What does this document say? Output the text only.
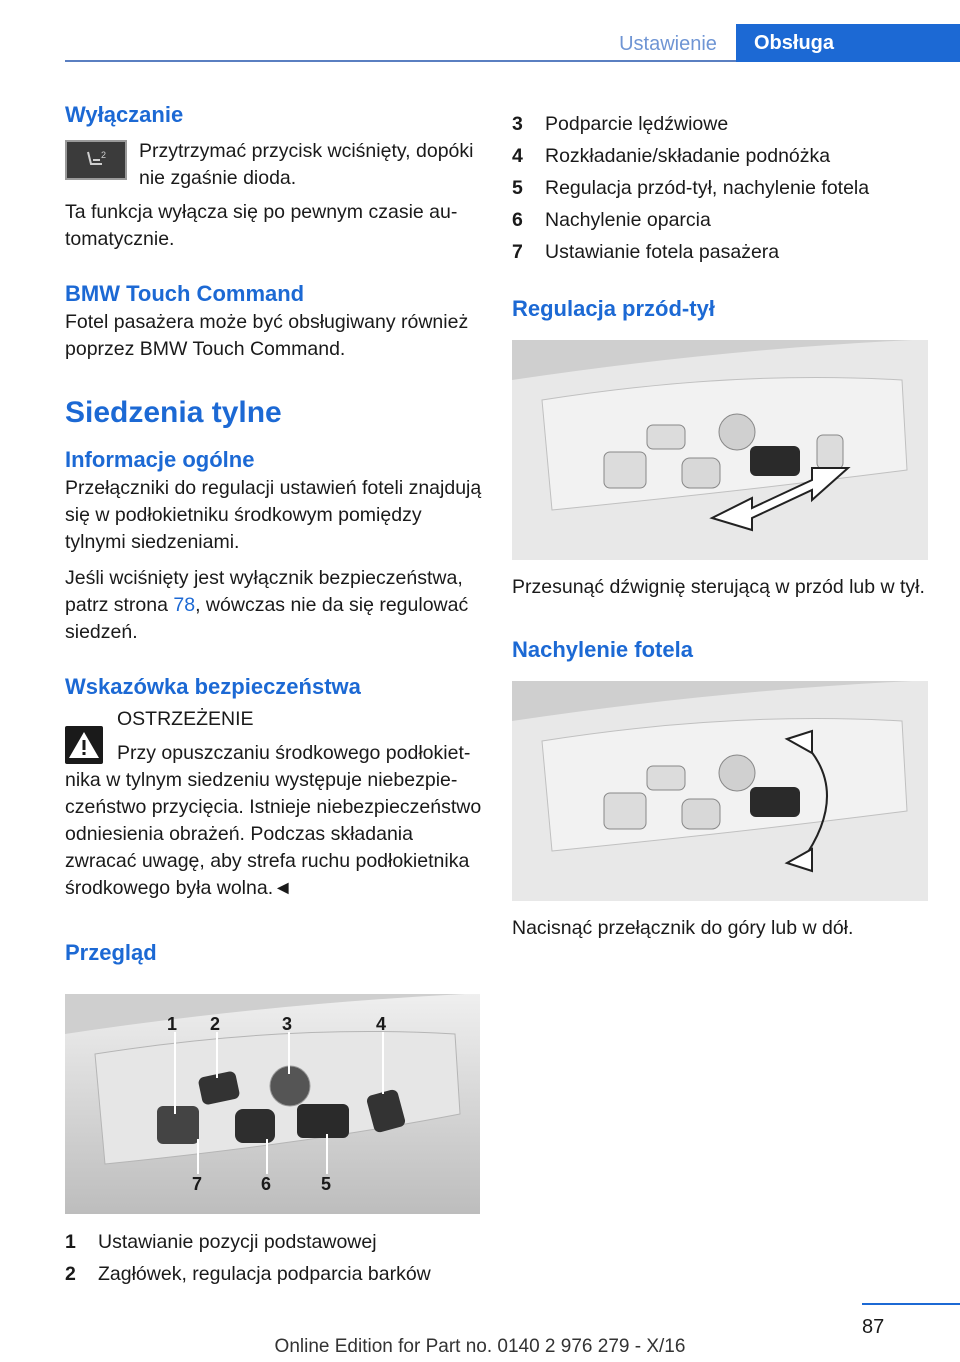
Ustawienie	Obsługa
Wyłączanie
2 Przytrzymać przycisk wciśnięty, dopóki nie zgaśnie dioda.

Ta funkcja wyłącza się po pewnym czasie automatycznie.

BMW Touch Command

Fotel pasażera może być obsługiwany również poprzez BMW Touch Command.

Siedzenia tylne
Informacje ogólne

Przełączniki do regulacji ustawień foteli znajdują się w podłokietniku środkowym pomiędzy tylnymi siedzeniami.

Jeśli wciśnięty jest wyłącznik bezpieczeństwa, patrz strona 78, wówczas nie da się regulować siedzeń.

Wskazówka bezpieczeństwa

OSTRZEŻENIE

Przy opuszczaniu środkowego podłokietnika w tylnym siedzeniu występuje niebezpieczeństwo przycięcia. Istnieje niebezpieczeństwo odniesienia obrażeń. Podczas składania zwracać uwagę, aby strefa ruchu podłokietnika środkowego była wolna.◄

Przegląd
1 2	3	4
7	6	5
1	Ustawianie pozycji podstawowej
2	Zagłówek, regulacja podparcia barków
3	Podparcie lędźwiowe
4	Rozkładanie/składanie podnóżka
5	Regulacja przód-tył, nachylenie fotela
6	Nachylenie oparcia
7	Ustawianie fotela pasażera
Regulacja przód-tył

Przesunąć dźwignię sterującą w przód lub w tył.

Nachylenie fotela

Nacisnąć przełącznik do góry lub w dół.

87
Online Edition for Part no. 0140 2 976 279 - X/16
